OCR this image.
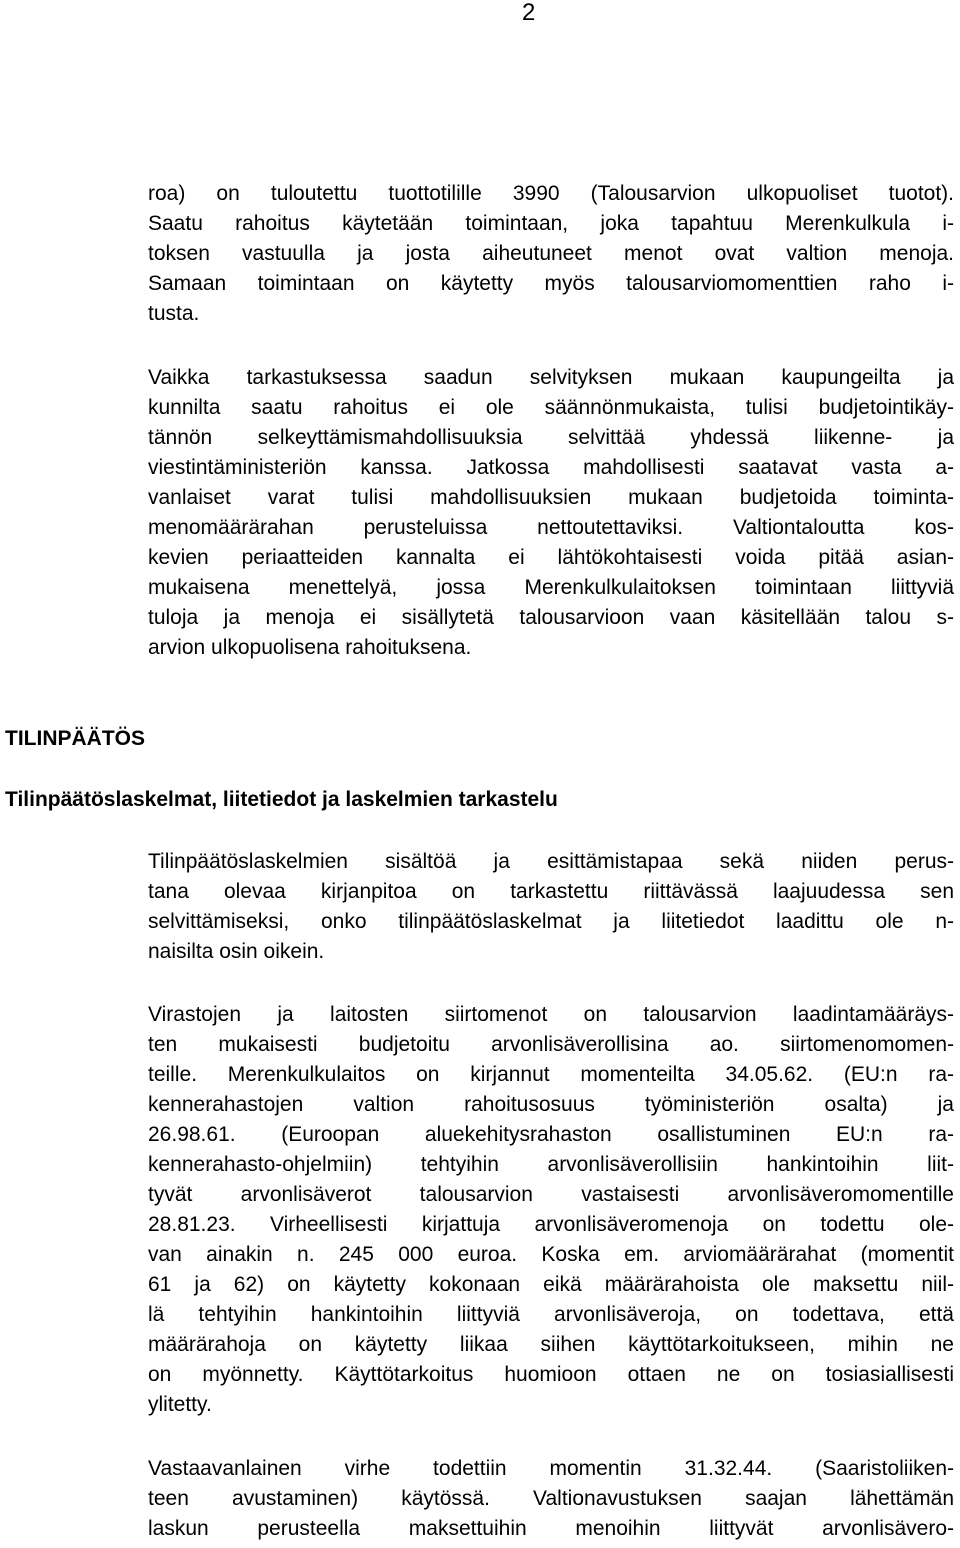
2
roa) on tuloutettu tuottotilille 3990 (Talousarvion ulkopuoliset tuotot).
Saatu rahoitus käytetään toimintaan, joka tapahtuu Merenkulkula i-
toksen vastuulla ja josta aiheutuneet menot ovat valtion menoja.
Samaan toimintaan on käytetty myös talousarviomomenttien raho i-
tusta.
Vaikka tarkastuksessa saadun selvityksen mukaan kaupungeilta ja
kunnilta saatu rahoitus ei ole säännönmukaista, tulisi budjetointikäy-
tännön selkeyttämismahdollisuuksia selvittää yhdessä liikenne- ja
viestintäministeriön kanssa. Jatkossa mahdollisesti saatavat vasta a-
vanlaiset varat tulisi mahdollisuuksien mukaan budjetoida toiminta-
menomäärärahan perusteluissa nettoutettaviksi. Valtiontaloutta kos-
kevien periaatteiden kannalta ei lähtökohtaisesti voida pitää asian-
mukaisena menettelyä, jossa Merenkulkulaitoksen toimintaan liittyviä
tuloja ja menoja ei sisällytetä talousarvioon vaan käsitellään talou s-
arvion ulkopuolisena rahoituksena.
TILINPÄÄTÖS
Tilinpäätöslaskelmat, liitetiedot ja laskelmien tarkastelu
Tilinpäätöslaskelmien sisältöä ja esittämistapaa sekä niiden perus-
tana olevaa kirjanpitoa on tarkastettu riittävässä laajuudessa sen
selvittämiseksi, onko tilinpäätöslaskelmat ja liitetiedot laadittu ole n-
naisilta osin oikein.
Virastojen ja laitosten siirtomenot on talousarvion laadintamääräys-
ten mukaisesti budjetoitu arvonlisäverollisina ao. siirtomenomomen-
teille. Merenkulkulaitos on kirjannut momenteilta 34.05.62. (EU:n ra-
kennerahastojen valtion rahoitusosuus työministeriön osalta) ja
26.98.61. (Euroopan aluekehitysrahaston osallistuminen EU:n ra-
kennerahasto-ohjelmiin) tehtyihin arvonlisäverollisiin hankintoihin liit-
tyvät arvonlisäverot talousarvion vastaisesti arvonlisäveromomentille
28.81.23. Virheellisesti kirjattuja arvonlisäveromenoja on todettu ole-
van ainakin n. 245 000 euroa. Koska em. arviomäärärahat (momentit
61 ja 62) on käytetty kokonaan eikä määrärahoista ole maksettu niil-
lä tehtyihin hankintoihin liittyviä arvonlisäveroja, on todettava, että
määrärahoja on käytetty liikaa siihen käyttötarkoitukseen, mihin ne
on myönnetty. Käyttötarkoitus huomioon ottaen ne on tosiasiallisesti
ylitetty.
Vastaavanlainen virhe todettiin momentin 31.32.44. (Saaristoliiken-
teen avustaminen) käytössä. Valtionavustuksen saajan lähettämän
laskun perusteella maksettuihin menoihin liittyvät arvonlisävero-
